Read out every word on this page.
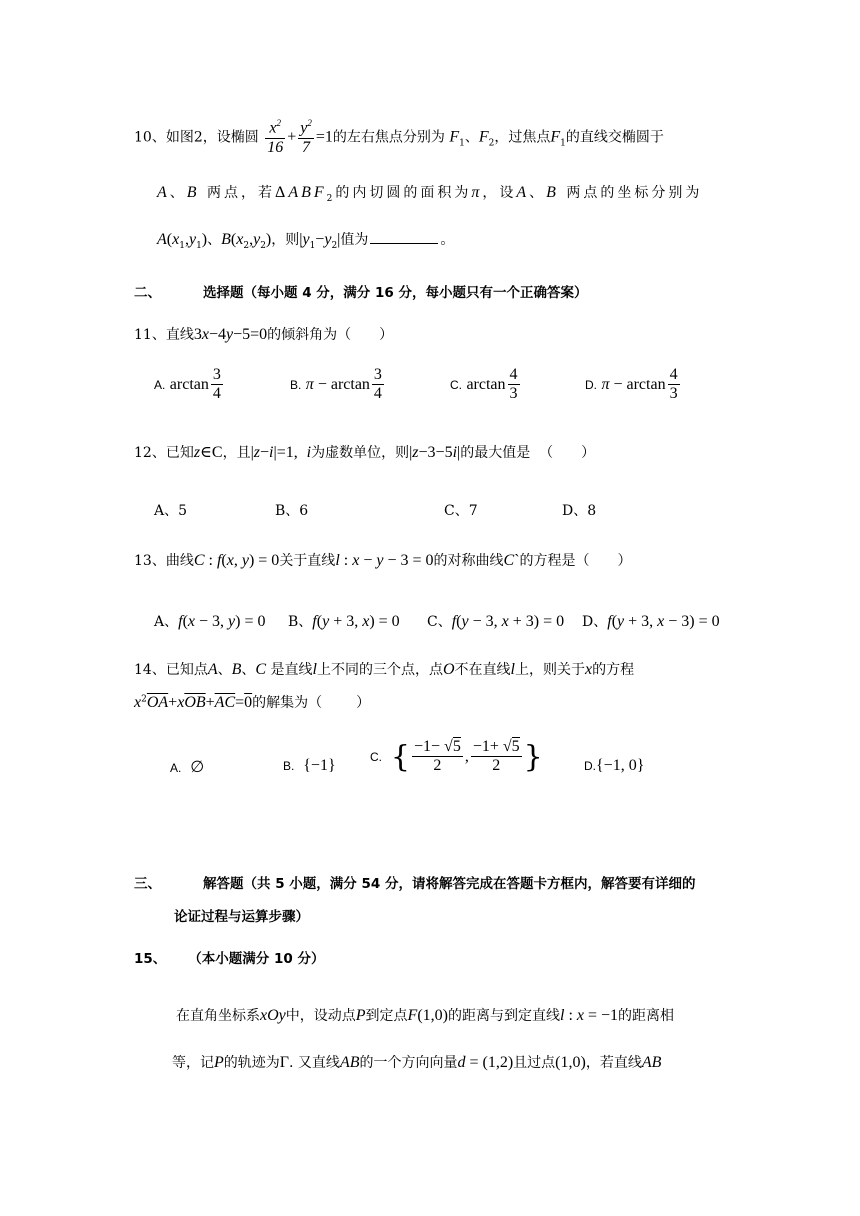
10、如图2，设椭圆 $\frac{x^2}{16} + \frac{y^2}{7} =1$的左右焦点分别为 $F_1$、$F_2$，过焦点$F_1$的直线交椭圆于
A、B 两点，若$\Delta ABF_2$的内切圆的面积为π，设A、B 两点的坐标分别为
$A(x_1,y_1)$、$B(x_2,y_2)$，则$|y_1-y_2|$值为	。
二、	选择题（每小题 4 分，满分 16 分，每小题只有一个正确答案）
11、直线3x−4y−5=0的倾斜角为（ ）
A. $\arctan \frac{3}{4}$	B. $\pi - \arctan \frac{3}{4}$	C. $\arctan \frac{4}{3}$	D. $\pi - \arctan \frac{4}{3}$
12、已知z∈C，且|z−i|=1, i为虚数单位，则|z−3−5i|的最大值是 （　　）
A、5	B、6	C、7	D、8
13、曲线C : f(x, y) = 0关于直线l : x − y − 3 = 0的对称曲线C`的方程是（ ）
A、f(x − 3, y) = 0 B、f(y + 3, x) = 0 C、f(y − 3, x + 3) = 0 D、f(y + 3, x − 3) = 0
14、已知点A、B、C 是直线l上不同的三个点，点O不在直线l上，则关于x的方程
$x^2\overline{OA}+x\overline{OB}+\overline{AC}=0$的解集为（ ）
A. ∅	B. {−1}
C. { $\frac{-1- √5}{2}$ , $\frac{-1+ √5}{2}$ }	D.{−1, 0}
三、	解答题（共 5 小题，满分 54 分，请将解答完成在答题卡方框内，解答要有详细的
论证过程与运算步骤）
15、 （本小题满分 10 分）
在直角坐标系xOy中，设动点P到定点F(1,0)的距离与到定直线l : x = −1的距离相
等，记P的轨迹为Γ. 又直线AB的一个方向向量d = (1,2)且过点(1,0)，若直线AB
